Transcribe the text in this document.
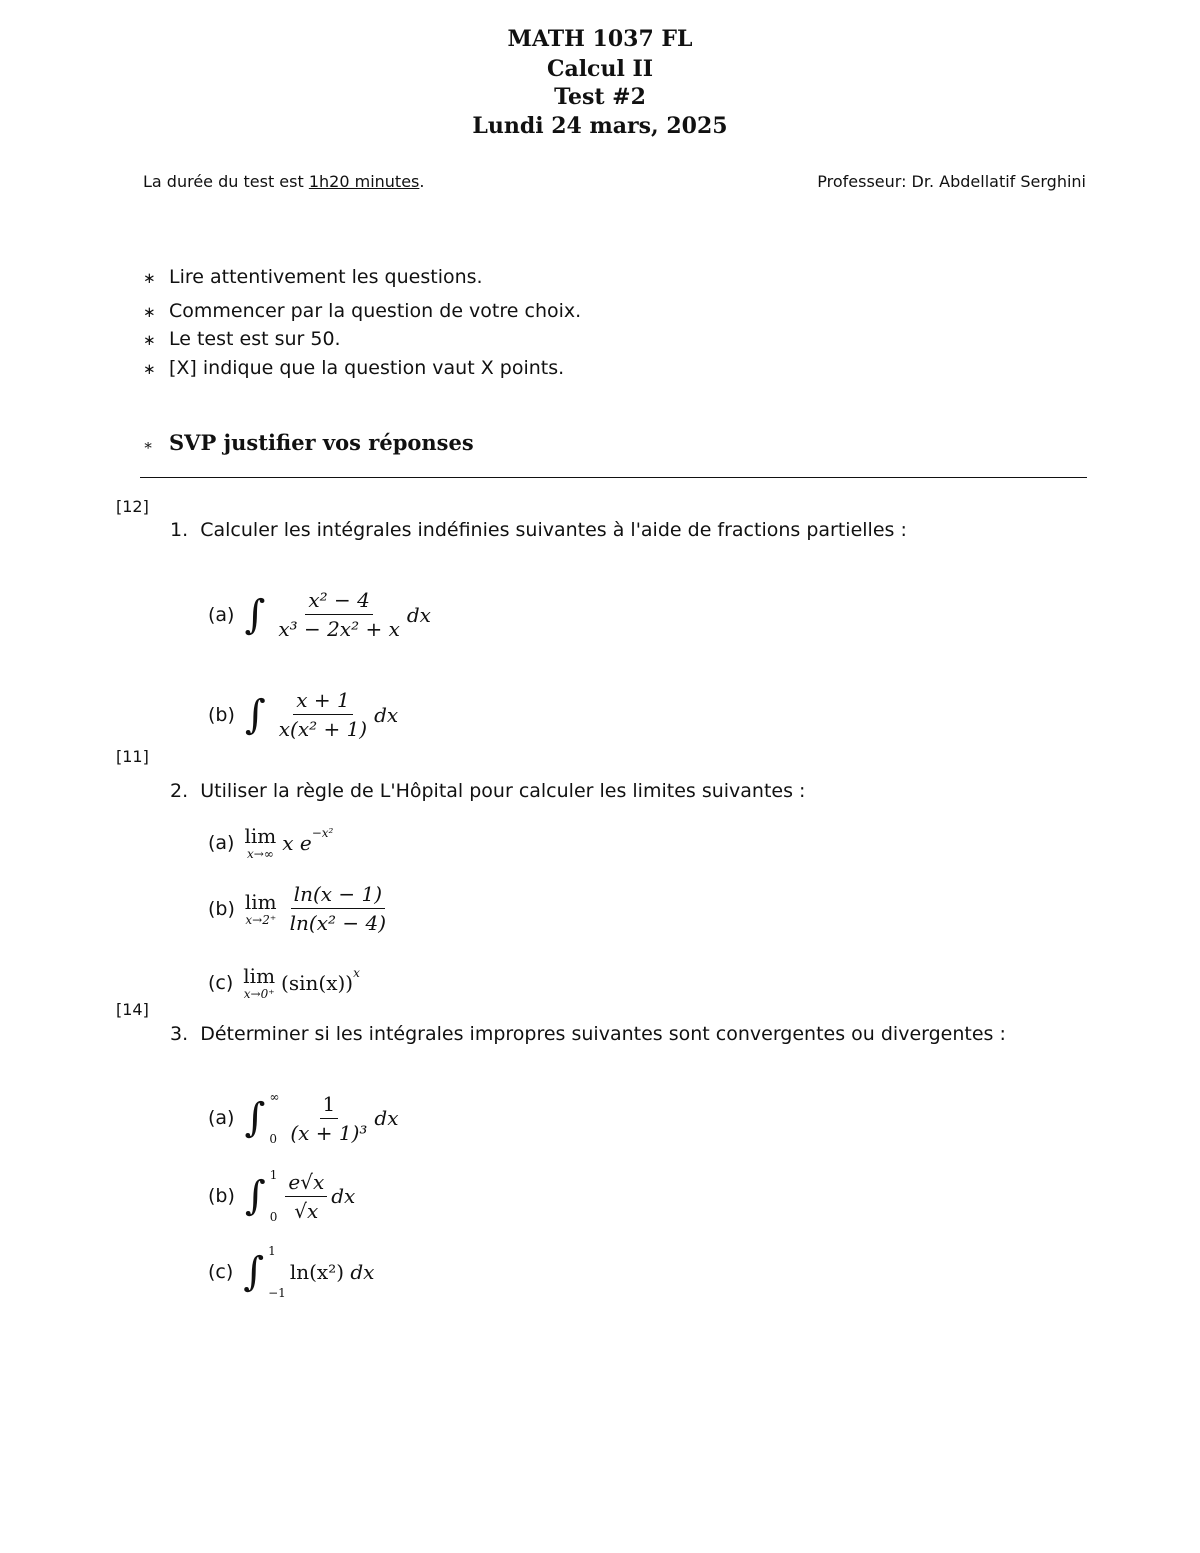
MATH 1037 FL
Calcul II
Test #2
Lundi 24 mars, 2025
La durée du test est 1h20 minutes.	Professeur: Dr. Abdellatif Serghini
∗ Lire attentivement les questions.
∗ Commencer par la question de votre choix.
∗ Le test est sur 50.
∗ [X] indique que la question vaut X points.
∗ SVP justifier vos réponses
[12]
1. Calculer les intégrales indéfinies suivantes à l'aide de fractions partielles :
(a) ∫ $\frac{\text{x² − 4}}{\text{x³ − 2x² + x}}$ dx
(b) ∫ $\frac{x + 1}{\text{x(x² + 1)}}$ dx
[11]
2. Utiliser la règle de L'Hôpital pour calculer les limites suivantes :
(a) lim
x→∞ x $e^{-x^2}$
(b) lim
$x\to 2^+ \frac{\ln(x - 1)}{\text{ln(x² − 4)}}$
(c) lim
x→0⁺ $(\sin(x))^x$
[14]
3. Déterminer si les intégrales impropres suivantes sont convergentes ou divergentes :
(a) ∫ ∞
$0 \frac{1}{\text{(x + 1)³}}$ dx
(b) ∫ 1
$0 \frac{e√x}{√x}$ dx
(c) ∫ 1
−1
ln(x²)
dx
